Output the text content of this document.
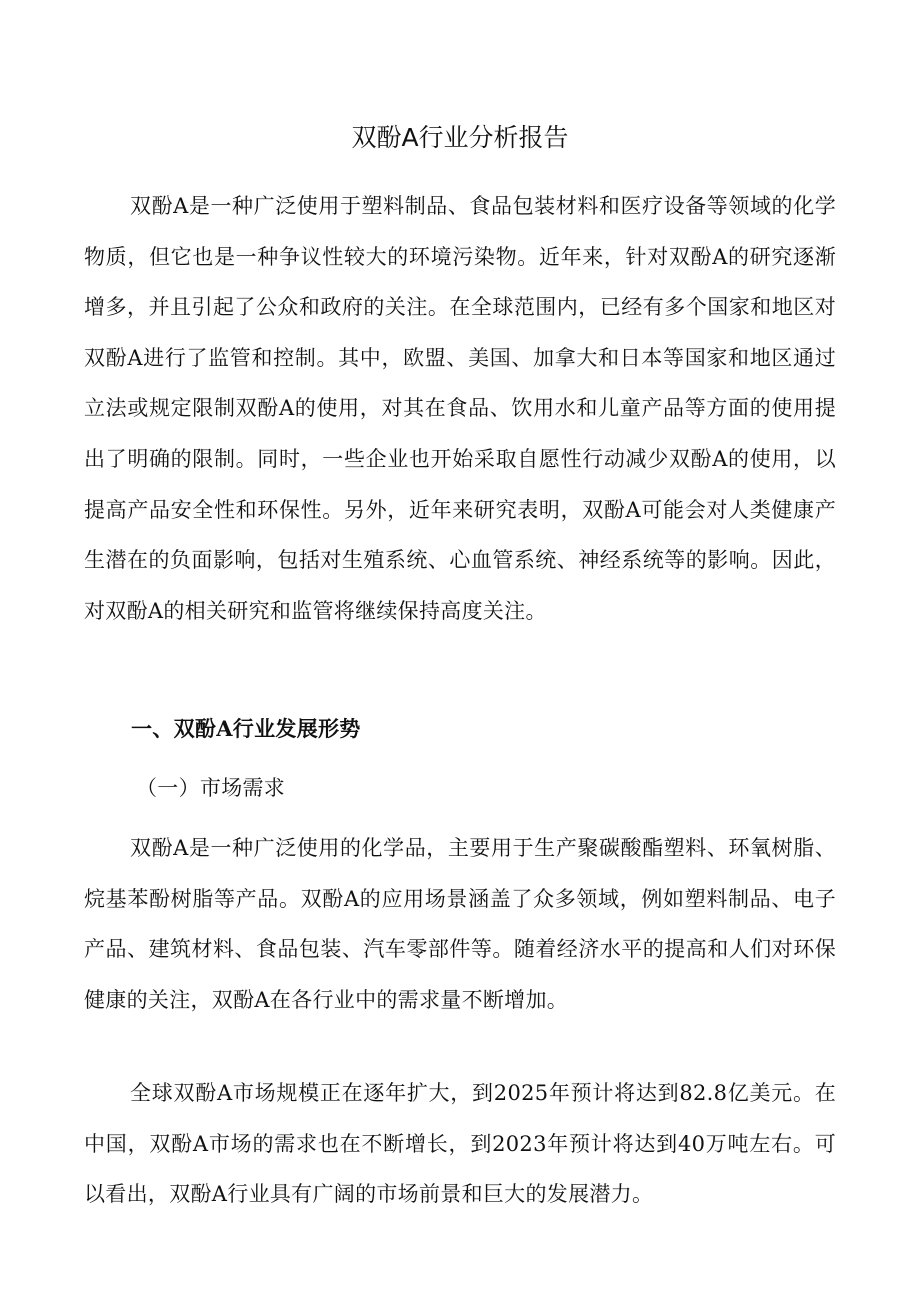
双酚A行业分析报告

双酚A是一种广泛使用于塑料制品、食品包装材料和医疗设备等领域的化学物质，但它也是一种争议性较大的环境污染物。近年来，针对双酚A的研究逐渐增多，并且引起了公众和政府的关注。在全球范围内，已经有多个国家和地区对双酚A进行了监管和控制。其中，欧盟、美国、加拿大和日本等国家和地区通过立法或规定限制双酚A的使用，对其在食品、饮用水和儿童产品等方面的使用提出了明确的限制。同时，一些企业也开始采取自愿性行动减少双酚A的使用，以提高产品安全性和环保性。另外，近年来研究表明，双酚A可能会对人类健康产生潜在的负面影响，包括对生殖系统、心血管系统、神经系统等的影响。因此，对双酚A的相关研究和监管将继续保持高度关注。

一、双酚A行业发展形势
（一）市场需求

双酚A是一种广泛使用的化学品，主要用于生产聚碳酸酯塑料、环氧树脂、烷基苯酚树脂等产品。双酚A的应用场景涵盖了众多领域，例如塑料制品、电子产品、建筑材料、食品包装、汽车零部件等。随着经济水平的提高和人们对环保健康的关注，双酚A在各行业中的需求量不断增加。

全球双酚A市场规模正在逐年扩大，到2025年预计将达到82.8亿美元。在中国，双酚A市场的需求也在不断增长，到2023年预计将达到40万吨左右。可以看出，双酚A行业具有广阔的市场前景和巨大的发展潜力。
